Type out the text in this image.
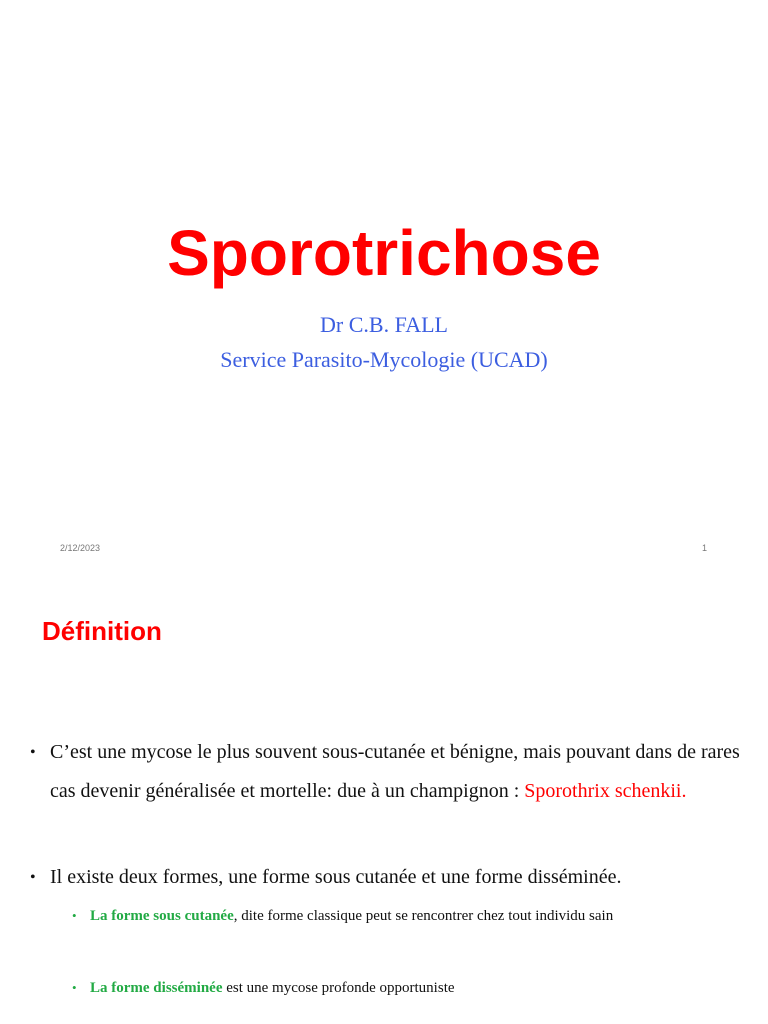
Sporotrichose
Dr C.B. FALL
Service Parasito-Mycologie (UCAD)
2/12/2023	1
Définition
• C’est une mycose le plus souvent sous-cutanée et bénigne, mais pouvant dans de rares cas devenir généralisée et mortelle: due à un champignon : Sporothrix schenkii.
• Il existe deux formes, une forme sous cutanée et une forme disséminée.
• La forme sous cutanée, dite forme classique peut se rencontrer chez tout individu sain
• La forme disséminée est une mycose profonde opportuniste
